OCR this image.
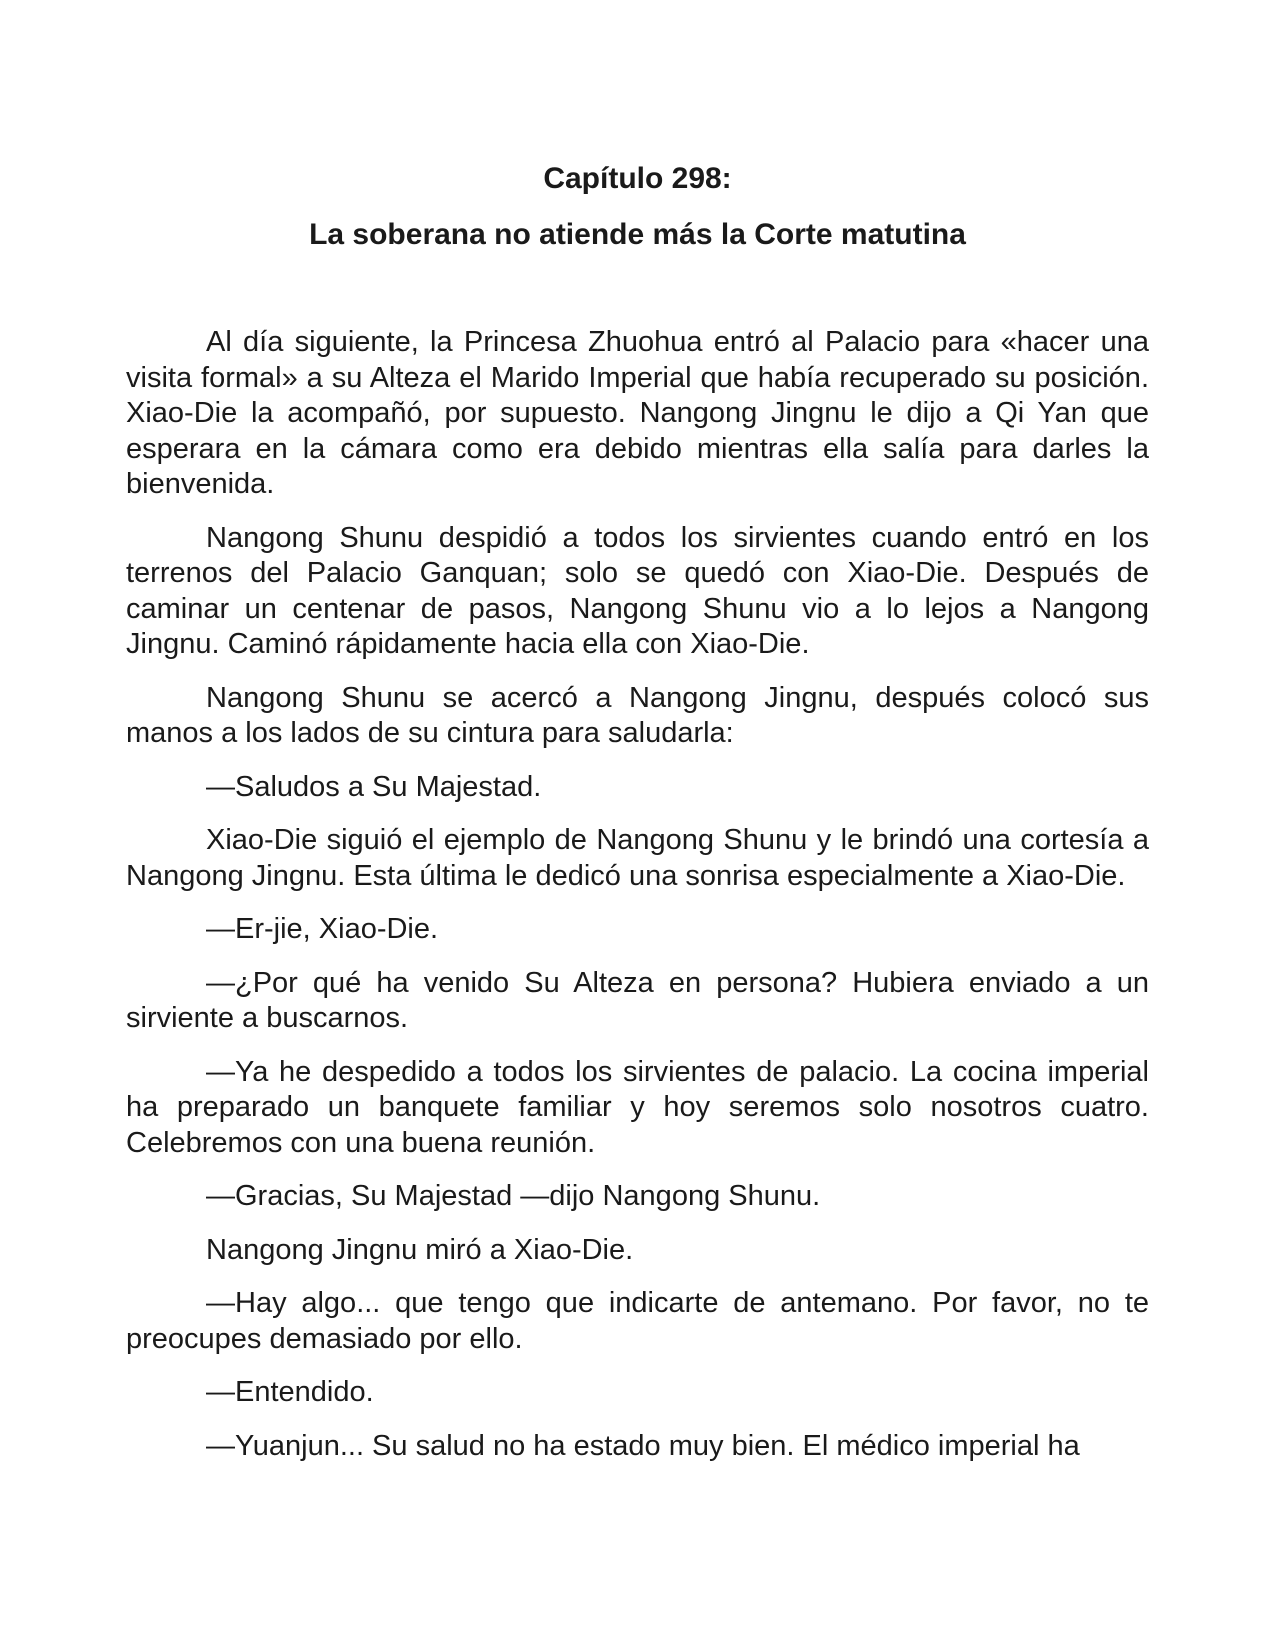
Capítulo 298:
La soberana no atiende más la Corte matutina

Al día siguiente, la Princesa Zhuohua entró al Palacio para «hacer una visita formal» a su Alteza el Marido Imperial que había recuperado su posición. Xiao-Die la acompañó, por supuesto. Nangong Jingnu le dijo a Qi Yan que esperara en la cámara como era debido mientras ella salía para darles la bienvenida.

Nangong Shunu despidió a todos los sirvientes cuando entró en los terrenos del Palacio Ganquan; solo se quedó con Xiao-Die. Después de caminar un centenar de pasos, Nangong Shunu vio a lo lejos a Nangong Jingnu. Caminó rápidamente hacia ella con Xiao-Die.

Nangong Shunu se acercó a Nangong Jingnu, después colocó sus manos a los lados de su cintura para saludarla:

—Saludos a Su Majestad.

Xiao-Die siguió el ejemplo de Nangong Shunu y le brindó una cortesía a Nangong Jingnu. Esta última le dedicó una sonrisa especialmente a Xiao-Die.

—Er-jie, Xiao-Die.

—¿Por qué ha venido Su Alteza en persona? Hubiera enviado a un sirviente a buscarnos.

—Ya he despedido a todos los sirvientes de palacio. La cocina imperial ha preparado un banquete familiar y hoy seremos solo nosotros cuatro. Celebremos con una buena reunión.

—Gracias, Su Majestad —dijo Nangong Shunu.

Nangong Jingnu miró a Xiao-Die.

—Hay algo... que tengo que indicarte de antemano. Por favor, no te preocupes demasiado por ello.

—Entendido.

—Yuanjun... Su salud no ha estado muy bien. El médico imperial ha
